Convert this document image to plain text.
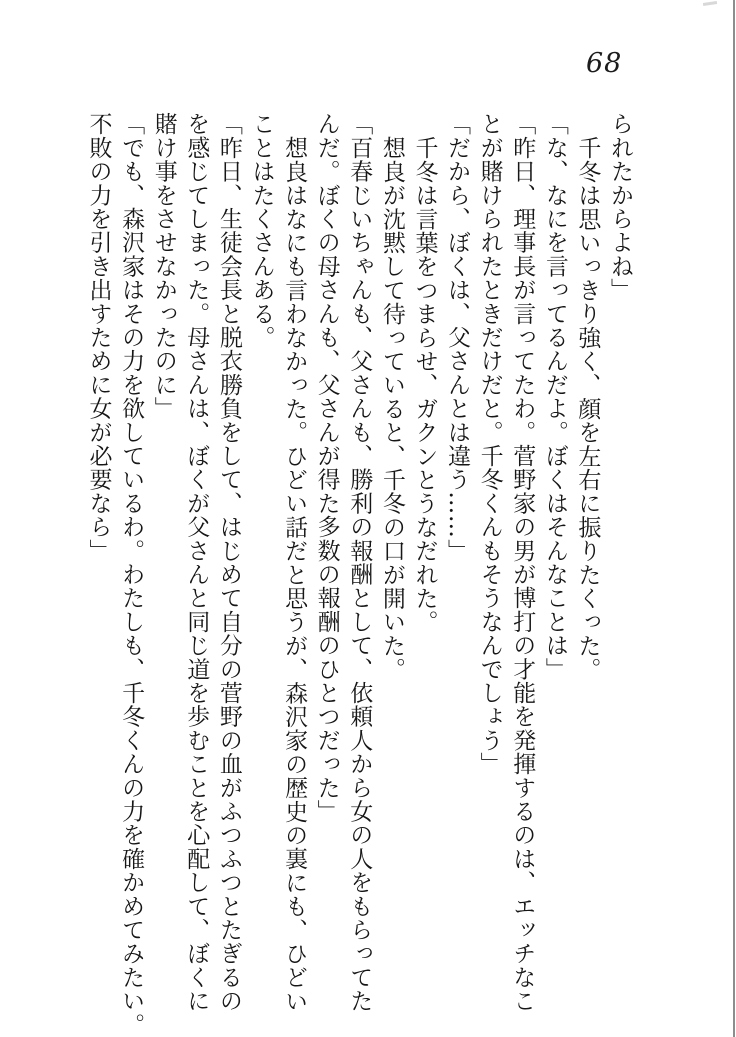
68
られたからよね」
千冬は思いっきり強く、顔を左右に振りたくった。
「な、なにを言ってるんだよ。ぼくはそんなことは」
「昨日、理事長が言ってたわ。菅野家の男が博打の才能を発揮するのは、エッチなこ
とが賭けられたときだけだと。千冬くんもそうなんでしょう」
「だから、ぼくは、父さんとは違う……」
千冬は言葉をつまらせ、ガクンとうなだれた。
想良が沈黙して待っていると、千冬の口が開いた。
「百春じいちゃんも、父さんも、勝利の報酬として、依頼人から女の人をもらってた
んだ。ぼくの母さんも、父さんが得た多数の報酬のひとつだった」
想良はなにも言わなかった。ひどい話だと思うが、森沢家の歴史の裏にも、ひどい
ことはたくさんある。
「昨日、生徒会長と脱衣勝負をして、はじめて自分の菅野の血がふつふつとたぎるの
を感じてしまった。母さんは、ぼくが父さんと同じ道を歩むことを心配して、ぼくに
賭け事をさせなかったのに」
「でも、森沢家はその力を欲しているわ。わたしも、千冬くんの力を確かめてみたい。
不敗の力を引き出すために女が必要なら」
